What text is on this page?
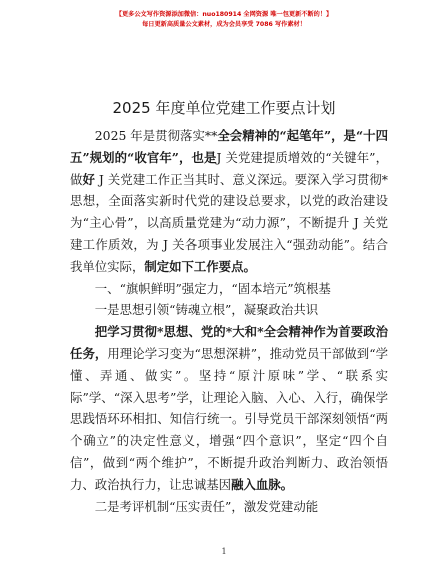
【更多公文写作资源添加微信：nuo180914 全网资源 唯一包更新不断的！】
每日更新高质量公文素材，成为会员享受 7086 写作素材！
2025 年度单位党建工作要点计划

2025 年是贯彻落实**全会精神的“起笔年”，是“十四五”规划的“收官年”，也是J 关党建提质增效的“关键年”，做好 J 关党建工作正当其时、意义深远。要深入学习贯彻*思想，全面落实新时代党的建设总要求，以党的政治建设为“主心骨”，以高质量党建为“动力源”，不断提升 J 关党建工作质效，为 J 关各项事业发展注入“强劲动能”。结合我单位实际，制定如下工作要点。

一、“旗帜鲜明”强定力，“固本培元”筑根基

一是思想引领“铸魂立根”，凝聚政治共识

把学习贯彻*思想、党的*大和*全会精神作为首要政治任务，用理论学习变为“思想深耕”，推动党员干部做到“学懂、弄通、做实”。坚持“原汁原味”学、“联系实际”学、“深入思考”学，让理论入脑、入心、入行，确保学思践悟环环相扣、知信行统一。引导党员干部深刻领悟“两个确立”的决定性意义，增强“四个意识”，坚定“四个自信”，做到“两个维护”，不断提升政治判断力、政治领悟力、政治执行力，让忠诚基因融入血脉。

二是考评机制“压实责任”，激发党建动能

1
